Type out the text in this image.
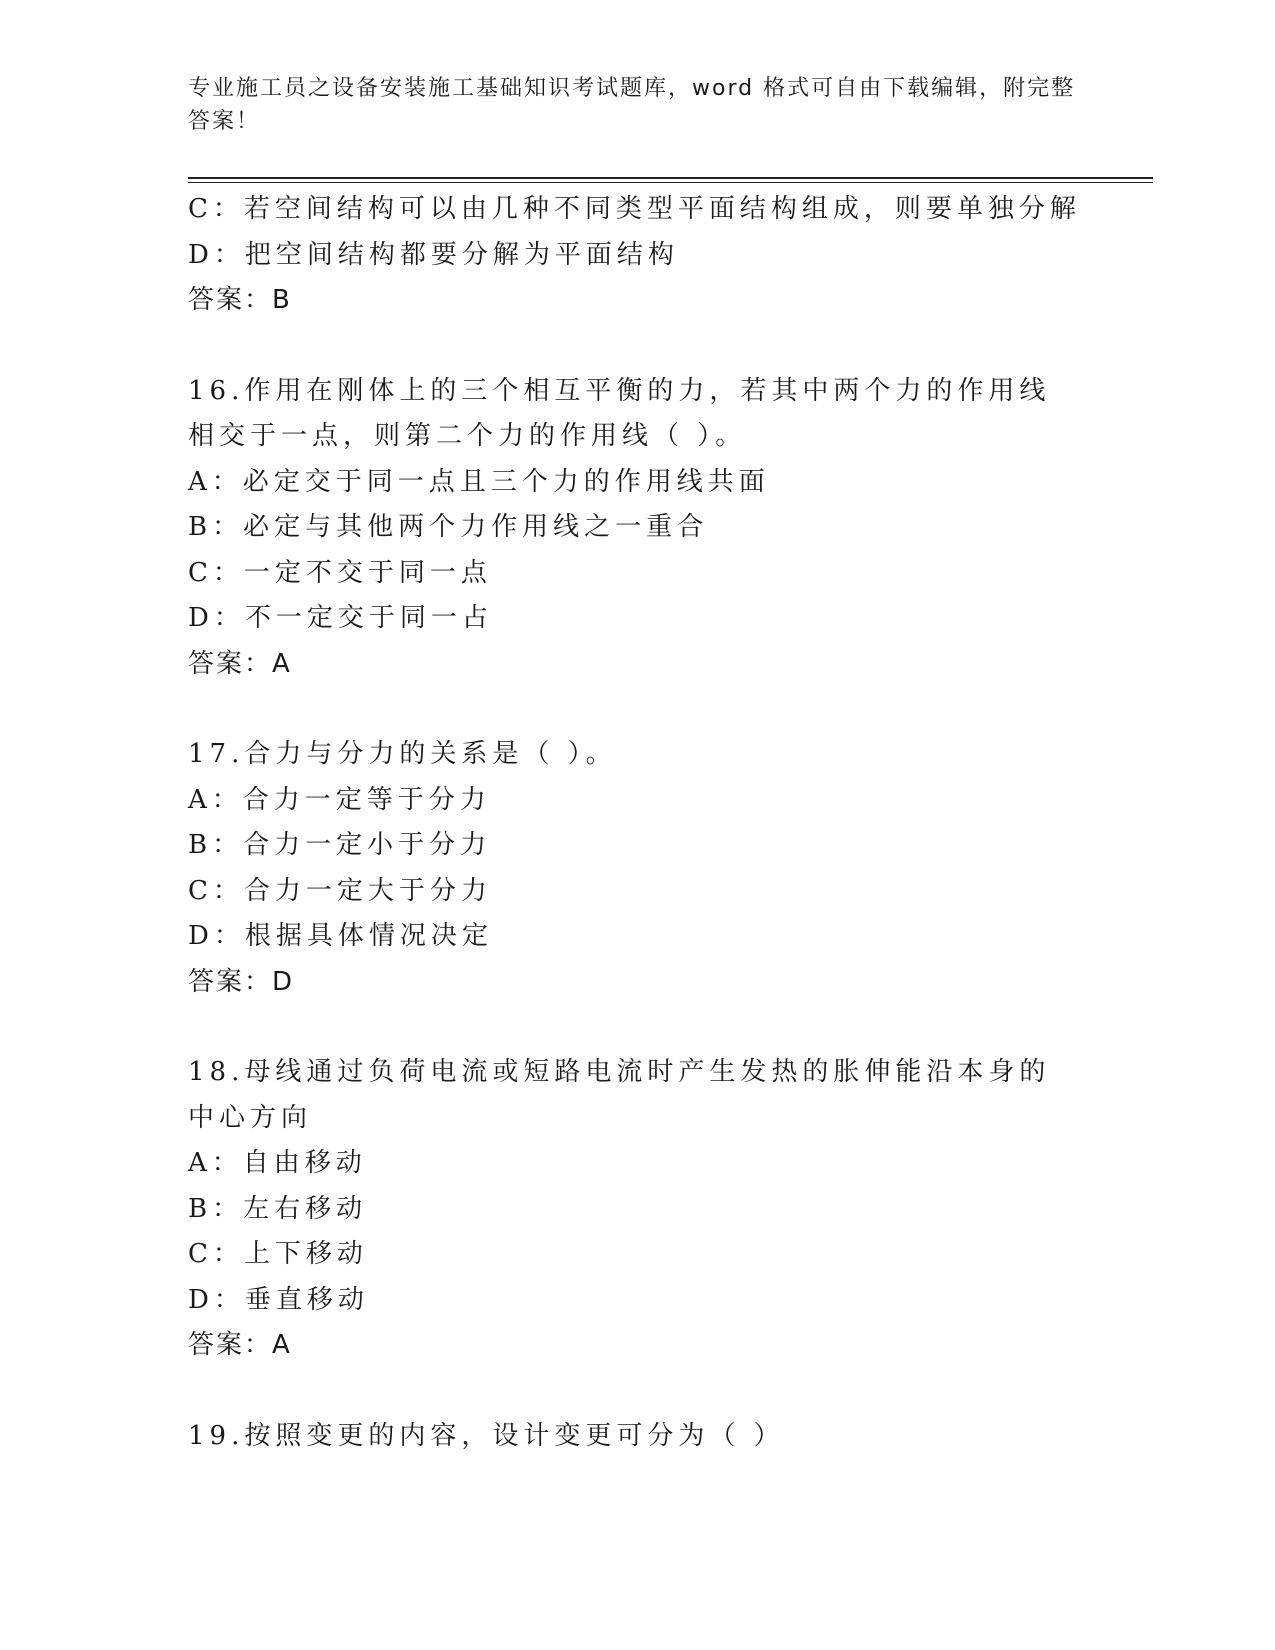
专业施工员之设备安装施工基础知识考试题库，word 格式可自由下载编辑，附完整答案！
C：若空间结构可以由几种不同类型平面结构组成，则要单独分解
D：把空间结构都要分解为平面结构
答案：B
16.作用在刚体上的三个相互平衡的力，若其中两个力的作用线相交于一点，则第二个力的作用线（ ）。
A：必定交于同一点且三个力的作用线共面
B：必定与其他两个力作用线之一重合
C：一定不交于同一点
D：不一定交于同一占
答案：A
17.合力与分力的关系是（ ）。
A：合力一定等于分力
B：合力一定小于分力
C：合力一定大于分力
D：根据具体情况决定
答案：D
18.母线通过负荷电流或短路电流时产生发热的胀伸能沿本身的中心方向
A：自由移动
B：左右移动
C：上下移动
D：垂直移动
答案：A
19.按照变更的内容，设计变更可分为（ ）
